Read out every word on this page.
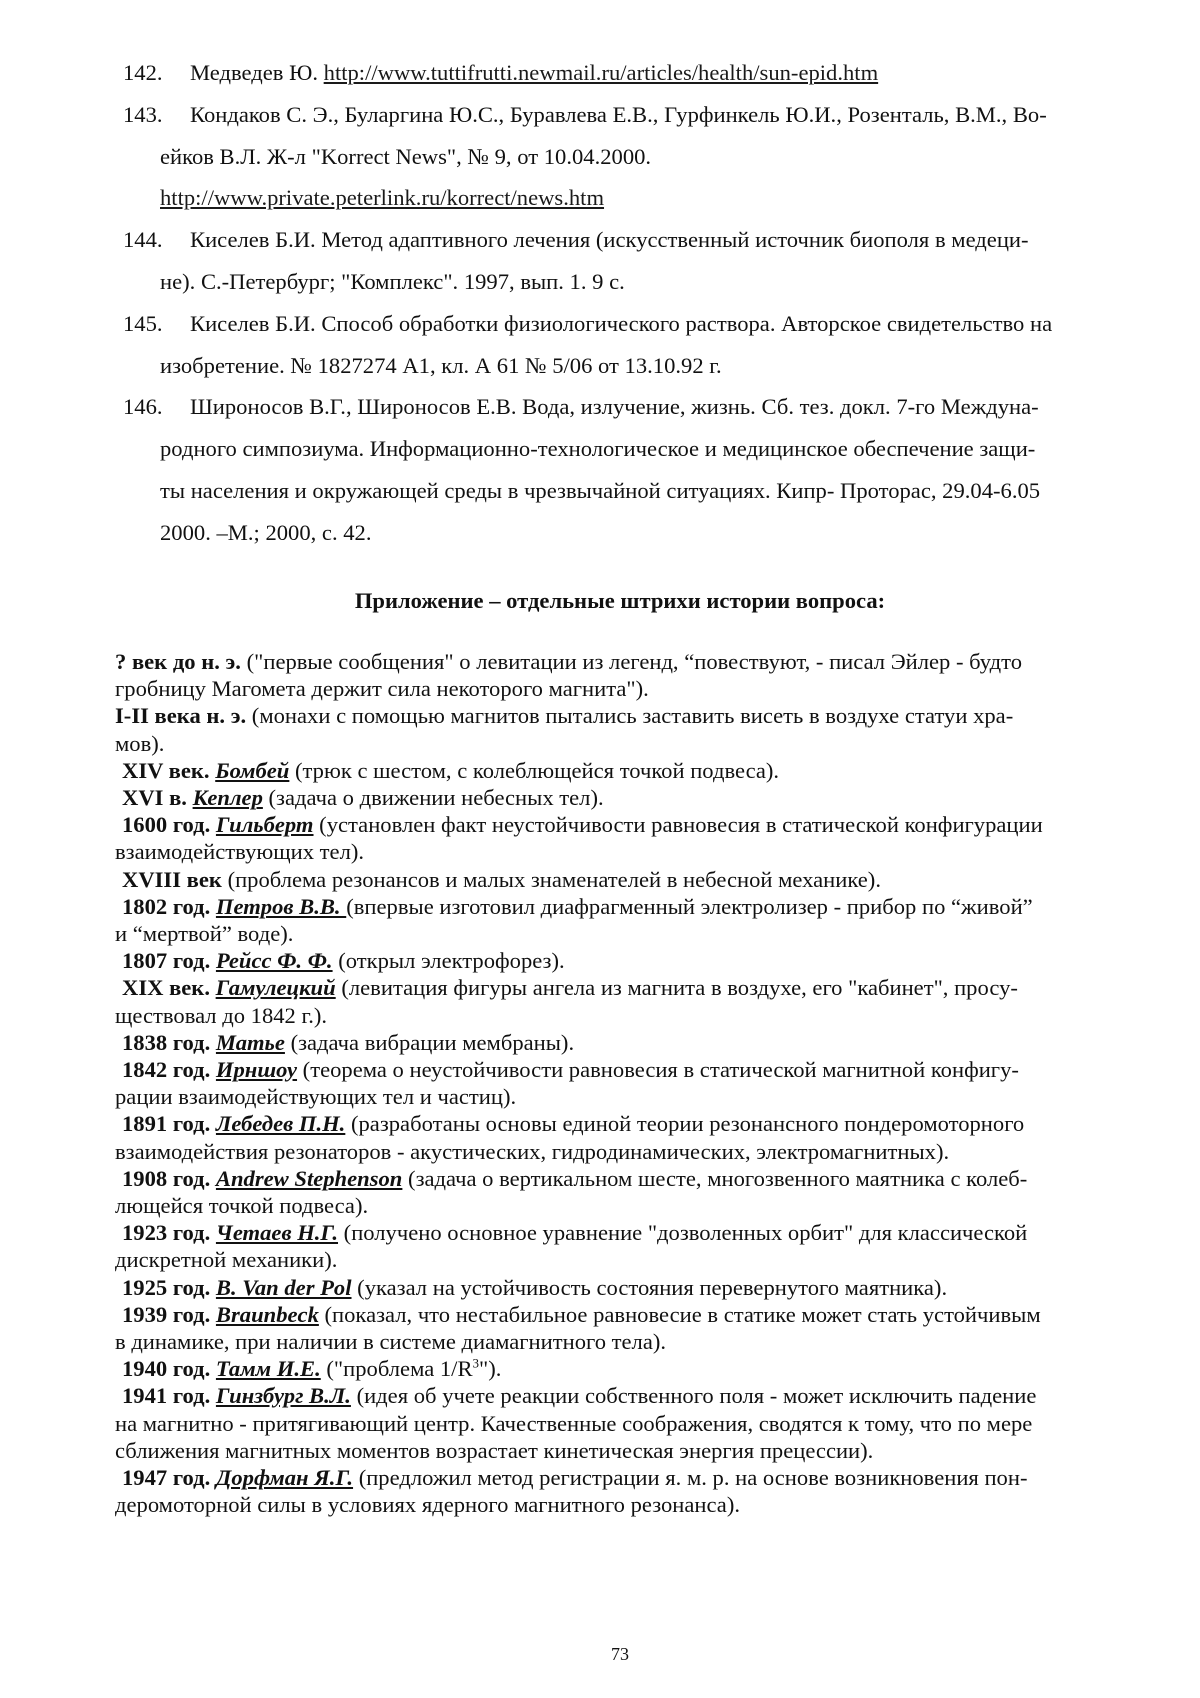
142.	Медведев Ю. http://www.tuttifrutti.newmail.ru/articles/health/sun-epid.htm
143.	Кондаков С. Э., Буларгина Ю.С., Буравлева Е.В., Гурфинкель Ю.И., Розенталь, В.М., Во-
ейков В.Л. Ж-л "Korrect News", № 9, от 10.04.2000.
http://www.private.peterlink.ru/korrect/news.htm
144.	Киселев Б.И. Метод адаптивного лечения (искусственный источник биополя в медеци-
не). С.-Петербург; "Комплекс". 1997, вып. 1. 9 с.
145.	Киселев Б.И. Способ обработки физиологического раствора. Авторское свидетельство на
изобретение. № 1827274 А1, кл. А 61 № 5/06 от 13.10.92 г.
146.	Широносов В.Г., Широносов Е.В. Вода, излучение, жизнь. Сб. тез. докл. 7-го Междуна-
родного симпозиума. Информационно-технологическое и медицинское обеспечение защи-
ты населения и окружающей среды в чрезвычайной ситуациях. Кипр- Проторас, 29.04-6.05
2000. –М.; 2000, с. 42.
Приложение – отдельные штрихи истории вопроса:
? век до н. э. ("первые сообщения" о левитации из легенд, “повествуют, - писал Эйлер - будто
гробницу Магомета держит сила некоторого магнита").
I-II века н. э. (монахи с помощью магнитов пытались заставить висеть в воздухе статуи хра-
мов).
XIV век. Бомбей (трюк с шестом, с колеблющейся точкой подвеса).
XVI в. Кеплер (задача о движении небесных тел).
1600 год. Гильберт (установлен факт неустойчивости равновесия в статической конфигурации
взаимодействующих тел).
XVIII век (проблема резонансов и малых знаменателей в небесной механике).
1802 год. Петров В.В. (впервые изготовил диафрагменный электролизер - прибор по “живой”
и “мертвой” воде).
1807 год. Рейсс Ф. Ф. (открыл электрофорез).
XIX век. Гамулецкий (левитация фигуры ангела из магнита в воздухе, его "кабинет", просу-
ществовал до 1842 г.).
1838 год. Матье (задача вибрации мембраны).
1842 год. Ирншоу (теорема о неустойчивости равновесия в статической магнитной конфигу-
рации взаимодействующих тел и частиц).
1891 год. Лебедев П.Н. (разработаны основы единой теории резонансного пондеромоторного
взаимодействия резонаторов - акустических, гидродинамических, электромагнитных).
1908 год. Andrew Stephenson (задача о вертикальном шесте, многозвенного маятника с колеб-
лющейся точкой подвеса).
1923 год. Четаев Н.Г. (получено основное уравнение "дозволенных орбит" для классической
дискретной механики).
1925 год. B. Van der Pol (указал на устойчивость состояния перевернутого маятника).
1939 год. Braunbeck (показал, что нестабильное равновесие в статике может стать устойчивым
в динамике, при наличии в системе диамагнитного тела).
1940 год. Тамм И.Е. ("проблема $1/R^3$").
1941 год. Гинзбург В.Л. (идея об учете реакции собственного поля - может исключить падение
на магнитно - притягивающий центр. Качественные соображения, сводятся к тому, что по мере
сближения магнитных моментов возрастает кинетическая энергия прецессии).
1947 год. Дорфман Я.Г. (предложил метод регистрации я. м. р. на основе возникновения пон-
деромоторной силы в условиях ядерного магнитного резонанса).
73
